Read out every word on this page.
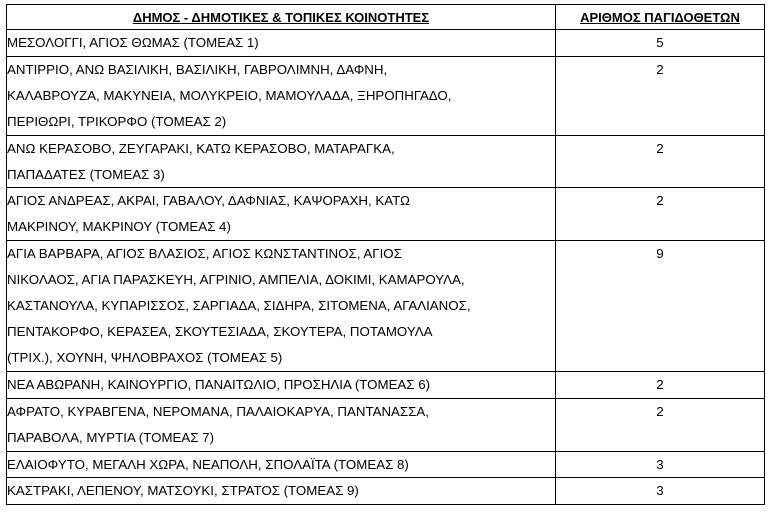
ΔΗΜΟΣ - ΔΗΜΟΤΙΚΕΣ & ΤΟΠΙΚΕΣ ΚΟΙΝΟΤΗΤΕΣ	ΑΡΙΘΜΟΣ ΠΑΓΙΔΟΘΕΤΩΝ

ΜΕΣΟΛΟΓΓΙ, ΑΓΙΟΣ ΘΩΜΑΣ (ΤΟΜΕΑΣ 1)	5

ΑΝΤΙΡΡΙΟ, ΑΝΩ ΒΑΣΙΛΙΚΗ, ΒΑΣΙΛΙΚΗ, ΓΑΒΡΟΛΙΜΝΗ, ΔΑΦΝΗ,
ΚΑΛΑΒΡΟΥΖΑ, ΜΑΚΥΝΕΙΑ, ΜΟΛΥΚΡΕΙΟ, ΜΑΜΟΥΛΑΔΑ, ΞΗΡΟΠΗΓΑΔΟ,
ΠΕΡΙΘΩΡΙ, ΤΡΙΚΟΡΦΟ (ΤΟΜΕΑΣ 2)	2

ΑΝΩ ΚΕΡΑΣΟΒΟ, ΖΕΥΓΑΡΑΚΙ, ΚΑΤΩ ΚΕΡΑΣΟΒΟ, ΜΑΤΑΡΑΓΚΑ,
ΠΑΠΑΔΑΤΕΣ (ΤΟΜΕΑΣ 3)	2

ΑΓΙΟΣ ΑΝΔΡΕΑΣ, ΑΚΡΑΙ, ΓΑΒΑΛΟΥ, ΔΑΦΝΙΑΣ, ΚΑΨΟΡΑΧΗ, ΚΑΤΩ
ΜΑΚΡΙΝΟΥ, ΜΑΚΡΙΝΟΥ (ΤΟΜΕΑΣ 4)	2

ΑΓΙΑ ΒΑΡΒΑΡΑ, ΑΓΙΟΣ ΒΛΑΣΙΟΣ, ΑΓΙΟΣ ΚΩΝΣΤΑΝΤΙΝΟΣ, ΑΓΙΟΣ
ΝΙΚΟΛΑΟΣ, ΑΓΙΑ ΠΑΡΑΣΚΕΥΗ, ΑΓΡΙΝΙΟ, ΑΜΠΕΛΙΑ, ΔΟΚΙΜΙ, ΚΑΜΑΡΟΥΛΑ,
ΚΑΣΤΑΝΟΥΛΑ, ΚΥΠΑΡΙΣΣΟΣ, ΣΑΡΓΙΑΔΑ, ΣΙΔΗΡΑ, ΣΙΤΟΜΕΝΑ, ΑΓΑΛΙΑΝΟΣ,
ΠΕΝΤΑΚΟΡΦΟ, ΚΕΡΑΣΕΑ, ΣΚΟΥΤΕΣΙΑΔΑ, ΣΚΟΥΤΕΡΑ, ΠΟΤΑΜΟΥΛΑ
(ΤΡΙΧ.), ΧΟΥΝΗ, ΨΗΛΟΒΡΑΧΟΣ (ΤΟΜΕΑΣ 5)	9

ΝΕΑ ΑΒΩΡΑΝΗ, ΚΑΙΝΟΥΡΓΙΟ, ΠΑΝΑΙΤΩΛΙΟ, ΠΡΟΣΗΛΙΑ (ΤΟΜΕΑΣ 6)	2

ΑΦΡΑΤΟ, ΚΥΡΑΒΓΕΝΑ, ΝΕΡΟΜΑΝΑ, ΠΑΛΑΙΟΚΑΡΥΑ, ΠΑΝΤΑΝΑΣΣΑ,
ΠΑΡΑΒΟΛΑ, ΜΥΡΤΙΑ (ΤΟΜΕΑΣ 7)	2

ΕΛΑΙΟΦΥΤΟ, ΜΕΓΑΛΗ ΧΩΡΑ, ΝΕΑΠΟΛΗ, ΣΠΟΛΑΪΤΑ (ΤΟΜΕΑΣ 8)	3

ΚΑΣΤΡΑΚΙ, ΛΕΠΕΝΟΥ, ΜΑΤΣΟΥΚΙ, ΣΤΡΑΤΟΣ (ΤΟΜΕΑΣ 9)	3
